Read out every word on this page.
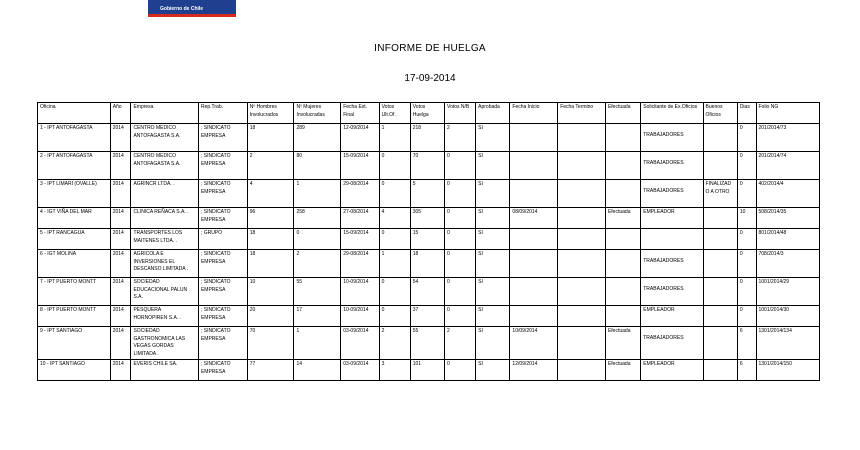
Gobierno de Chile
INFORME DE HUELGA
17-09-2014
Oficina	Año	Empresa	Rep.Trab.	Nº Hombres Involucrados	Nº Mujeres Involucradas	Fecha Ext. Final	Votos Ult.Of.	Votos Huelga	Votos N/B	Aprobada	Fecha Inicio	Fecha Termino	Efectuada	Solicitante de Ex.Oficios	Buenos Oficios	Dias	Folio NG
1 - IPT ANTOFAGASTA	2014	CENTRO MEDICO ANTOFAGASTA S.A.	; SINDICATO EMPRESA	18	289	12-09/2014	1	218	2	SI				TRABAJADORES		0	201/2014/73
2 - IPT ANTOFAGASTA	2014	CENTRO MEDICO ANTOFAGASTA S.A.	; SINDICATO EMPRESA	2	80	15-09/2014	0	70	0	SI				TRABAJADORES		0	201/2014/74
3 - IPT LIMARI (OVALLE)	2014	AGRINCR LTDA. .	; SINDICATO EMPRESA	4	1	29-08/2014	0	5	0	SI				TRABAJADORES	FINALIZADO A OTRO	0	402/2014/4
4 - IGT VIÑA DEL MAR	2014	CLINICA REÑACA S.A. .	; SINDICATO EMPRESA	96	258	27-08/2014	4	305	0	SI	08/09/2014		Efectuada	EMPLEADOR		10	508/2014/35
5 - IPT RANCAGUA	2014	TRANSPORTES LOS MAITENES LTDA. .	; GRUPO	18	0	15-09/2014	0	15	0	SI						0	801/2014/48
6 - IGT MOLINA	2014	AGRICOLA E INVERSIONES EL DESCANSO LIMITADA .	; SINDICATO EMPRESA	18	2	29-08/2014	1	18	0	SI				TRABAJADORES		0	708/2014/3
7 - IPT PUERTO MONTT	2014	SOCIEDAD EDUCACIONAL PALUN S.A.	; SINDICATO EMPRESA	10	55	10-09/2014	0	54	0	SI				TRABAJADORES		0	1001/2014/29
8 - IPT PUERTO MONTT	2014	PESQUERA HORNOPIREN S.A. .	; SINDICATO EMPRESA	20	17	10-09/2014	0	37	0	SI				EMPLEADOR		0	1001/2014/30
9 - IPT SANTIAGO	2014	SOCIEDAD GASTRONOMICA LAS VEGAS GORDAS LIMITADA .	; SINDICATO EMPRESA	70	1	03-09/2014	2	55	2	SI	10/09/2014		Efectuada	TRABAJADORES		6	1301/2014/134
10 - IPT SANTIAGO	2014	EVERIS CHILE SA.	; SINDICATO EMPRESA	77	14	03-09/2014	3	101	0	SI	12/09/2014		Efectuada	EMPLEADOR		6	1301/2014/150
